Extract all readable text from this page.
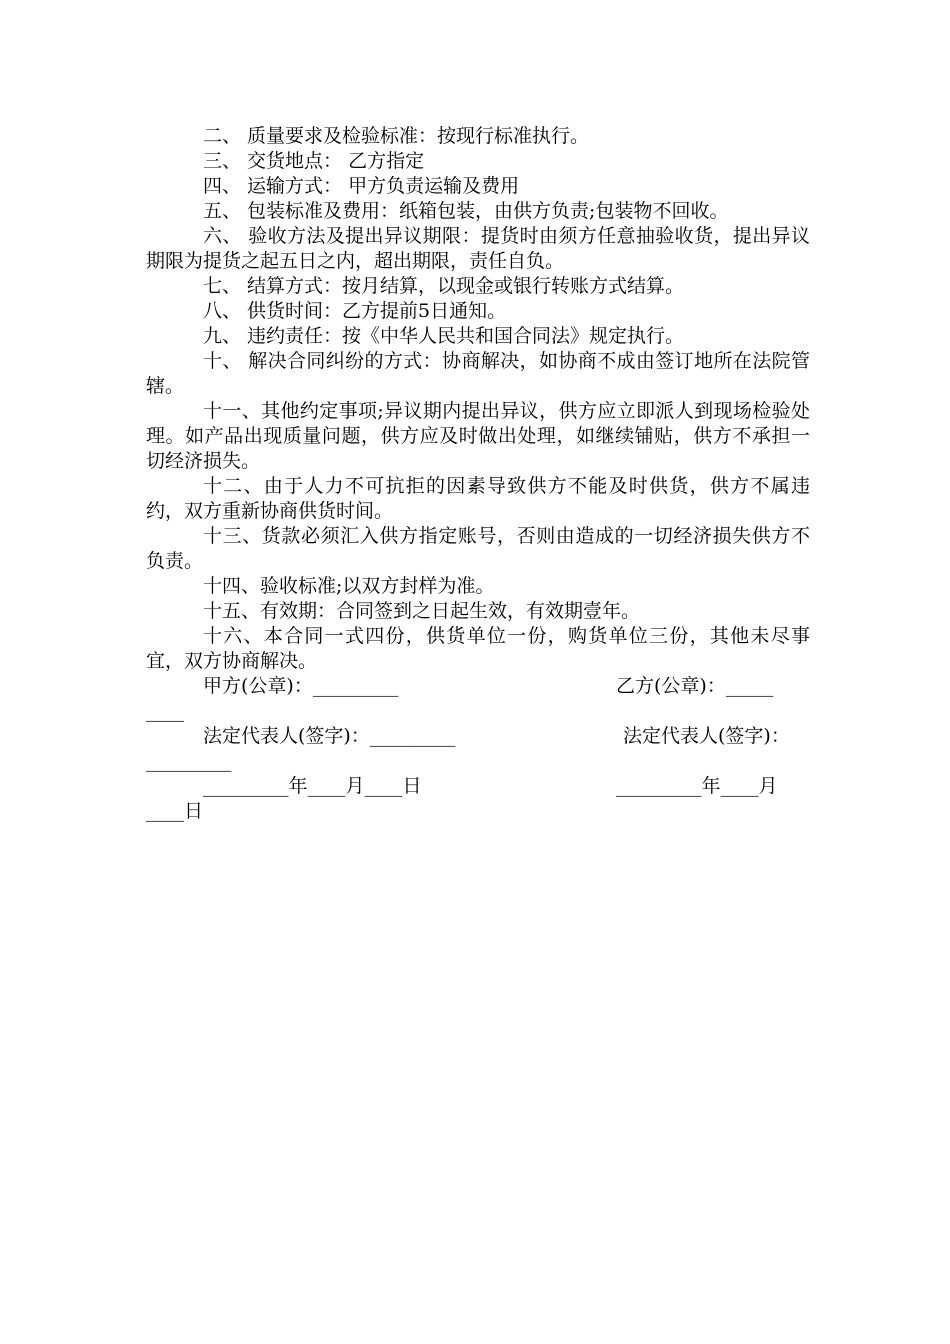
二、 质量要求及检验标准：按现行标准执行。

三、 交货地点： 乙方指定

四、 运输方式： 甲方负责运输及费用

五、 包装标准及费用：纸箱包装，由供方负责;包装物不回收。

六、 验收方法及提出异议期限：提货时由须方任意抽验收货，提出异议期限为提货之起五日之内，超出期限，责任自负。

七、 结算方式：按月结算，以现金或银行转账方式结算。

八、 供货时间：乙方提前5日通知。

九、 违约责任：按《中华人民共和国合同法》规定执行。

十、 解决合同纠纷的方式：协商解决，如协商不成由签订地所在法院管辖。

十一、其他约定事项;异议期内提出异议，供方应立即派人到现场检验处理。如产品出现质量问题，供方应及时做出处理，如继续铺贴，供方不承担一切经济损失。

十二、由于人力不可抗拒的因素导致供方不能及时供货，供方不属违约，双方重新协商供货时间。

十三、货款必须汇入供方指定账号，否则由造成的一切经济损失供方不负责。

十四、验收标准;以双方封样为准。

十五、有效期：合同签到之日起生效，有效期壹年。

十六、本合同一式四份，供货单位一份，购货单位三份，其他未尽事宜，双方协商解决。

甲方(公章)：_________	乙方(公章)：_____
____
法定代表人(签字)：_________	法定代表人(签字)：
_________
_________年____月____日	_________年____月
____日
